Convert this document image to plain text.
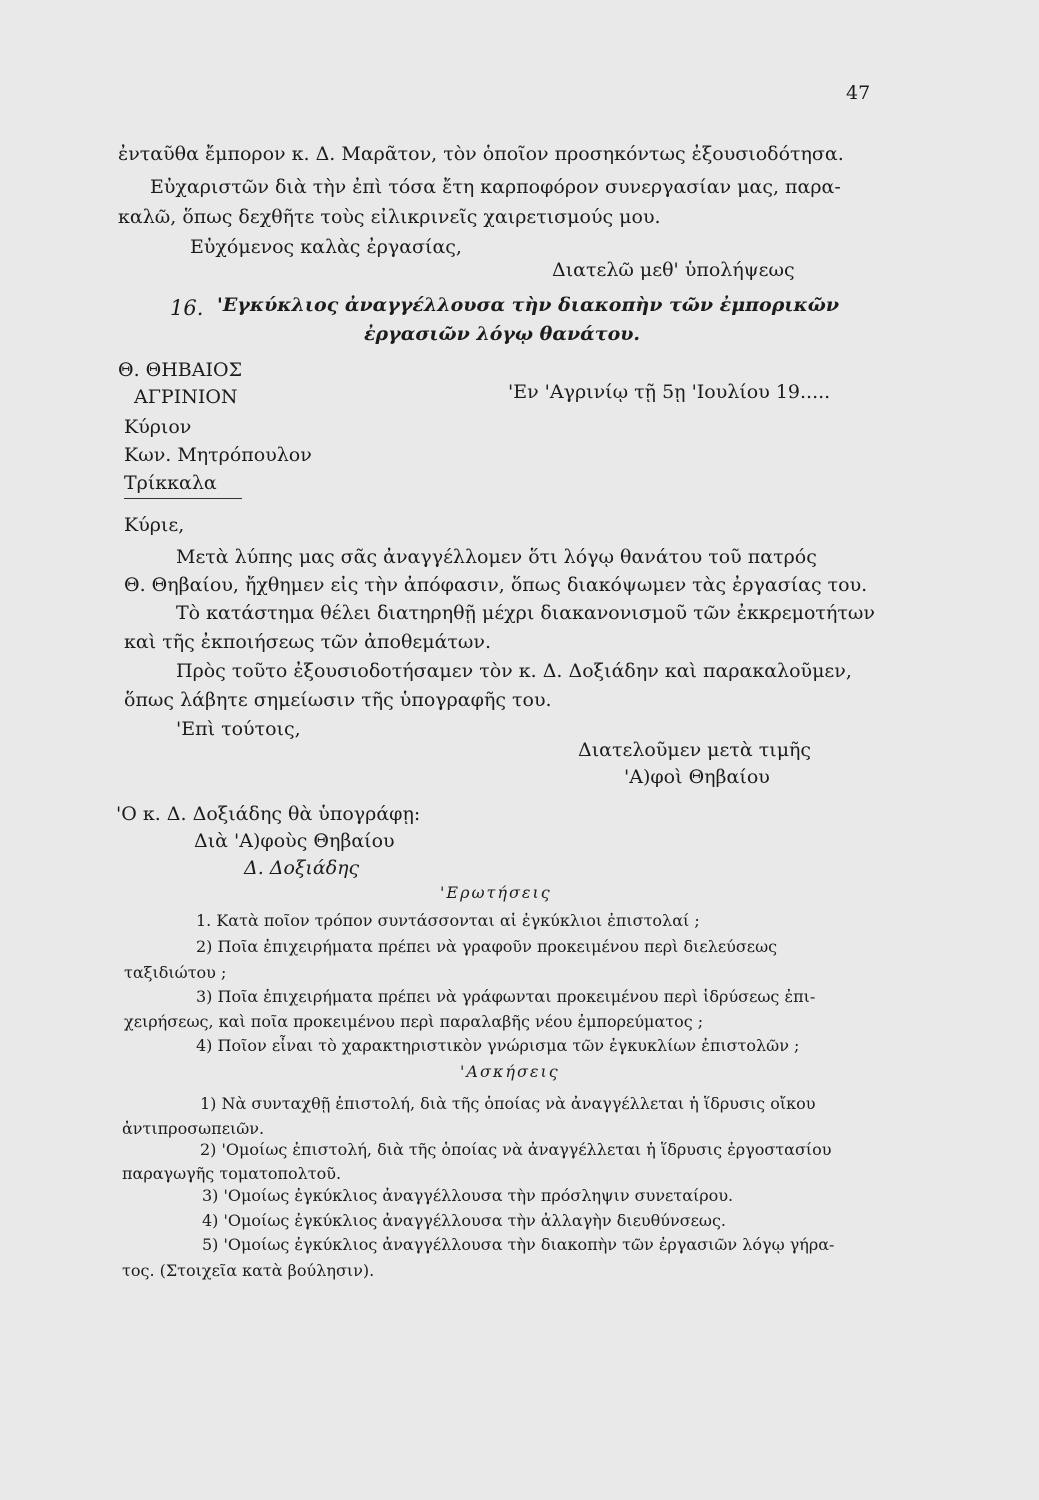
47
ἐνταῦθα ἔμπορον κ. Δ. Μαρᾶτον, τὸν ὁποῖον προσηκόντως ἐξουσιοδότησα.
Εὐχαριστῶν διὰ τὴν ἐπὶ τόσα ἔτη καρποφόρον συνεργασίαν μας, παρα-
καλῶ, ὅπως δεχθῆτε τοὺς εἰλικρινεῖς χαιρετισμούς μου.
Εὐχόμενος καλὰς ἐργασίας,
Διατελῶ μεθ' ὑπολήψεως
16. 'Εγκύκλιος ἀναγγέλλουσα τὴν διακοπὴν τῶν ἐμπορικῶν
ἐργασιῶν λόγῳ θανάτου.
Θ. ΘΗΒΑΙΟΣ
ΑΓΡΙΝΙΟΝ	'Εν 'Αγρινίῳ τῇ 5ῃ 'Ιουλίου 19.....
Κύριον
Κων. Μητρόπουλον
Τρίκκαλα
Κύριε,
Μετὰ λύπης μας σᾶς ἀναγγέλλομεν ὅτι λόγῳ θανάτου τοῦ πατρός
Θ. Θηβαίου, ἤχθημεν εἰς τὴν ἀπόφασιν, ὅπως διακόψωμεν τὰς ἐργασίας του.
Τὸ κατάστημα θέλει διατηρηθῇ μέχρι διακανονισμοῦ τῶν ἐκκρεμοτήτων
καὶ τῆς ἐκποιήσεως τῶν ἀποθεμάτων.
Πρὸς τοῦτο ἐξουσιοδοτήσαμεν τὸν κ. Δ. Δοξιάδην καὶ παρακαλοῦμεν,
ὅπως λάβητε σημείωσιν τῆς ὑπογραφῆς του.
'Επὶ τούτοις,
Διατελοῦμεν μετὰ τιμῆς
'Α)φοὶ Θηβαίου
'Ο κ. Δ. Δοξιάδης θὰ ὑπογράφῃ:
Διὰ 'Α)φοὺς Θηβαίου
Δ. Δοξιάδης
'Ερωτήσεις
1. Κατὰ ποῖον τρόπον συντάσσονται αἱ ἐγκύκλιοι ἐπιστολαί ;
2) Ποῖα ἐπιχειρήματα πρέπει νὰ γραφοῦν προκειμένου περὶ διελεύσεως
ταξιδιώτου ;
3) Ποῖα ἐπιχειρήματα πρέπει νὰ γράφωνται προκειμένου περὶ ἱδρύσεως ἐπι-
χειρήσεως, καὶ ποῖα προκειμένου περὶ παραλαβῆς νέου ἐμπορεύματος ;
4) Ποῖον εἶναι τὸ χαρακτηριστικὸν γνώρισμα τῶν ἐγκυκλίων ἐπιστολῶν ;
'Ασκήσεις
1) Νὰ συνταχθῇ ἐπιστολή, διὰ τῆς ὁποίας νὰ ἀναγγέλλεται ἡ ἵδρυσις οἴκου
ἀντιπροσωπειῶν.
2) 'Ομοίως ἐπιστολή, διὰ τῆς ὁποίας νὰ ἀναγγέλλεται ἡ ἵδρυσις ἐργοστασίου
παραγωγῆς τοματοπολτοῦ.
3) 'Ομοίως ἐγκύκλιος ἀναγγέλλουσα τὴν πρόσληψιν συνεταίρου.
4) 'Ομοίως ἐγκύκλιος ἀναγγέλλουσα τὴν ἀλλαγὴν διευθύνσεως.
5) 'Ομοίως ἐγκύκλιος ἀναγγέλλουσα τὴν διακοπὴν τῶν ἐργασιῶν λόγῳ γήρα-
τος. (Στοιχεῖα κατὰ βούλησιν).
